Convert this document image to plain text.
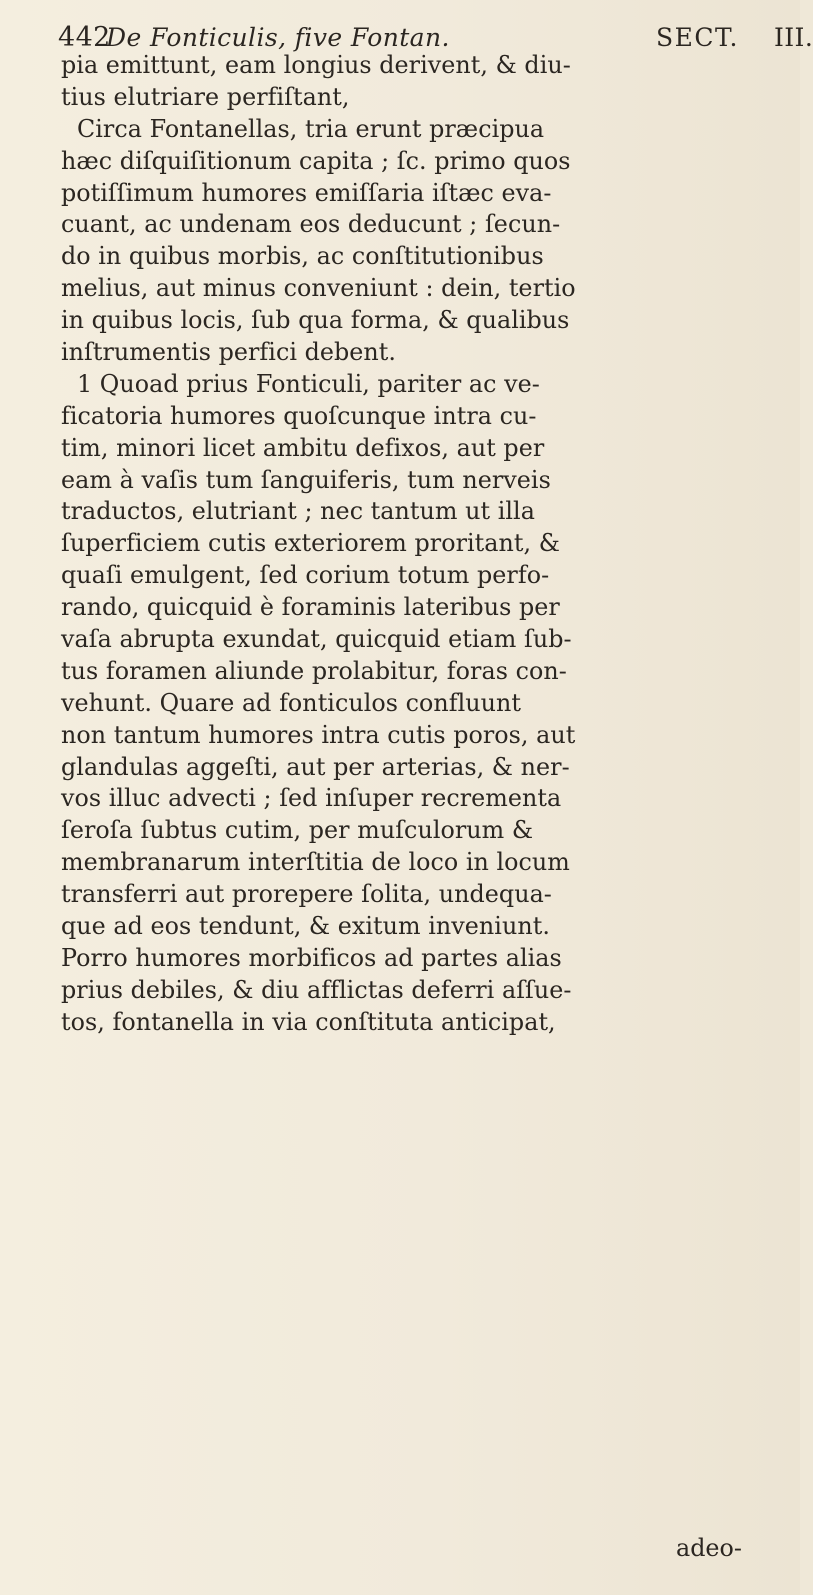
442
De Fonticulis, five Fontan.	SECT. III.
pia emittunt, eam longius derivent, & diu-
tius elutriare perfiſtant,
Circa Fontanellas, tria erunt præcipua
hæc diſquiſitionum capita ; ſc. primo quos
potiſſimum humores emiſſaria iſtæc eva-
cuant, ac undenam eos deducunt ; ſecun-
do in quibus morbis, ac conſtitutionibus
melius, aut minus conveniunt : dein, tertio
in quibus locis, ſub qua forma, & qualibus
inſtrumentis perfici debent.
1 Quoad prius Fonticuli, pariter ac ve-
ficatoria humores quoſcunque intra cu-
tim, minori licet ambitu defixos, aut per
eam à vaſis tum ſanguiferis, tum nerveis
traductos, elutriant ; nec tantum ut illa
ſuperficiem cutis exteriorem proritant, &
quaſi emulgent, ſed corium totum perfo-
rando, quicquid è foraminis lateribus per
vaſa abrupta exundat, quicquid etiam ſub-
tus foramen aliunde prolabitur, foras con-
vehunt. Quare ad fonticulos confluunt
non tantum humores intra cutis poros, aut
glandulas aggeſti, aut per arterias, & ner-
vos illuc advecti ; ſed inſuper recrementa
ſeroſa ſubtus cutim, per muſculorum &
membranarum interſtitia de loco in locum
transferri aut prorepere ſolita, undequa-
que ad eos tendunt, & exitum inveniunt.
Porro humores morbificos ad partes alias
prius debiles, & diu afflictas deferri aſſue-
tos, fontanella in via conſtituta anticipat,
adeo-
